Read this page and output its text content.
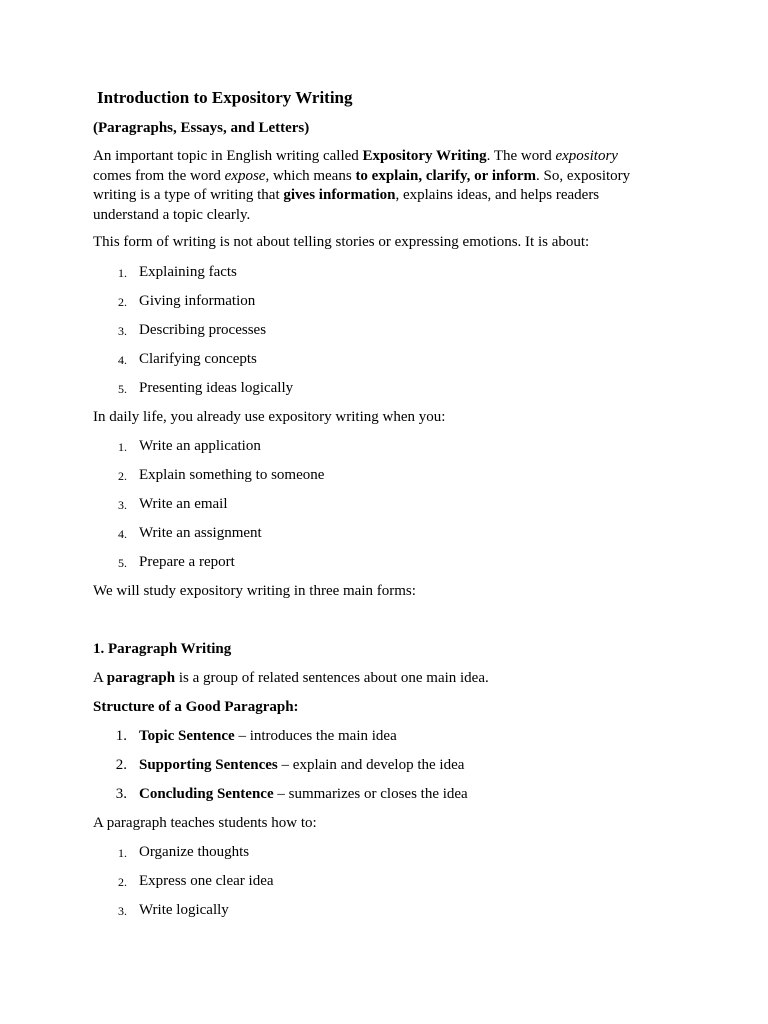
Introduction to Expository Writing
(Paragraphs, Essays, and Letters)
An important topic in English writing called Expository Writing. The word expository comes from the word expose, which means to explain, clarify, or inform. So, expository writing is a type of writing that gives information, explains ideas, and helps readers understand a topic clearly.
This form of writing is not about telling stories or expressing emotions. It is about:
1. Explaining facts
2. Giving information
3. Describing processes
4. Clarifying concepts
5. Presenting ideas logically
In daily life, you already use expository writing when you:
1. Write an application
2. Explain something to someone
3. Write an email
4. Write an assignment
5. Prepare a report
We will study expository writing in three main forms:
1. Paragraph Writing
A paragraph is a group of related sentences about one main idea.
Structure of a Good Paragraph:
1. Topic Sentence – introduces the main idea
2. Supporting Sentences – explain and develop the idea
3. Concluding Sentence – summarizes or closes the idea
A paragraph teaches students how to:
1. Organize thoughts
2. Express one clear idea
3. Write logically
